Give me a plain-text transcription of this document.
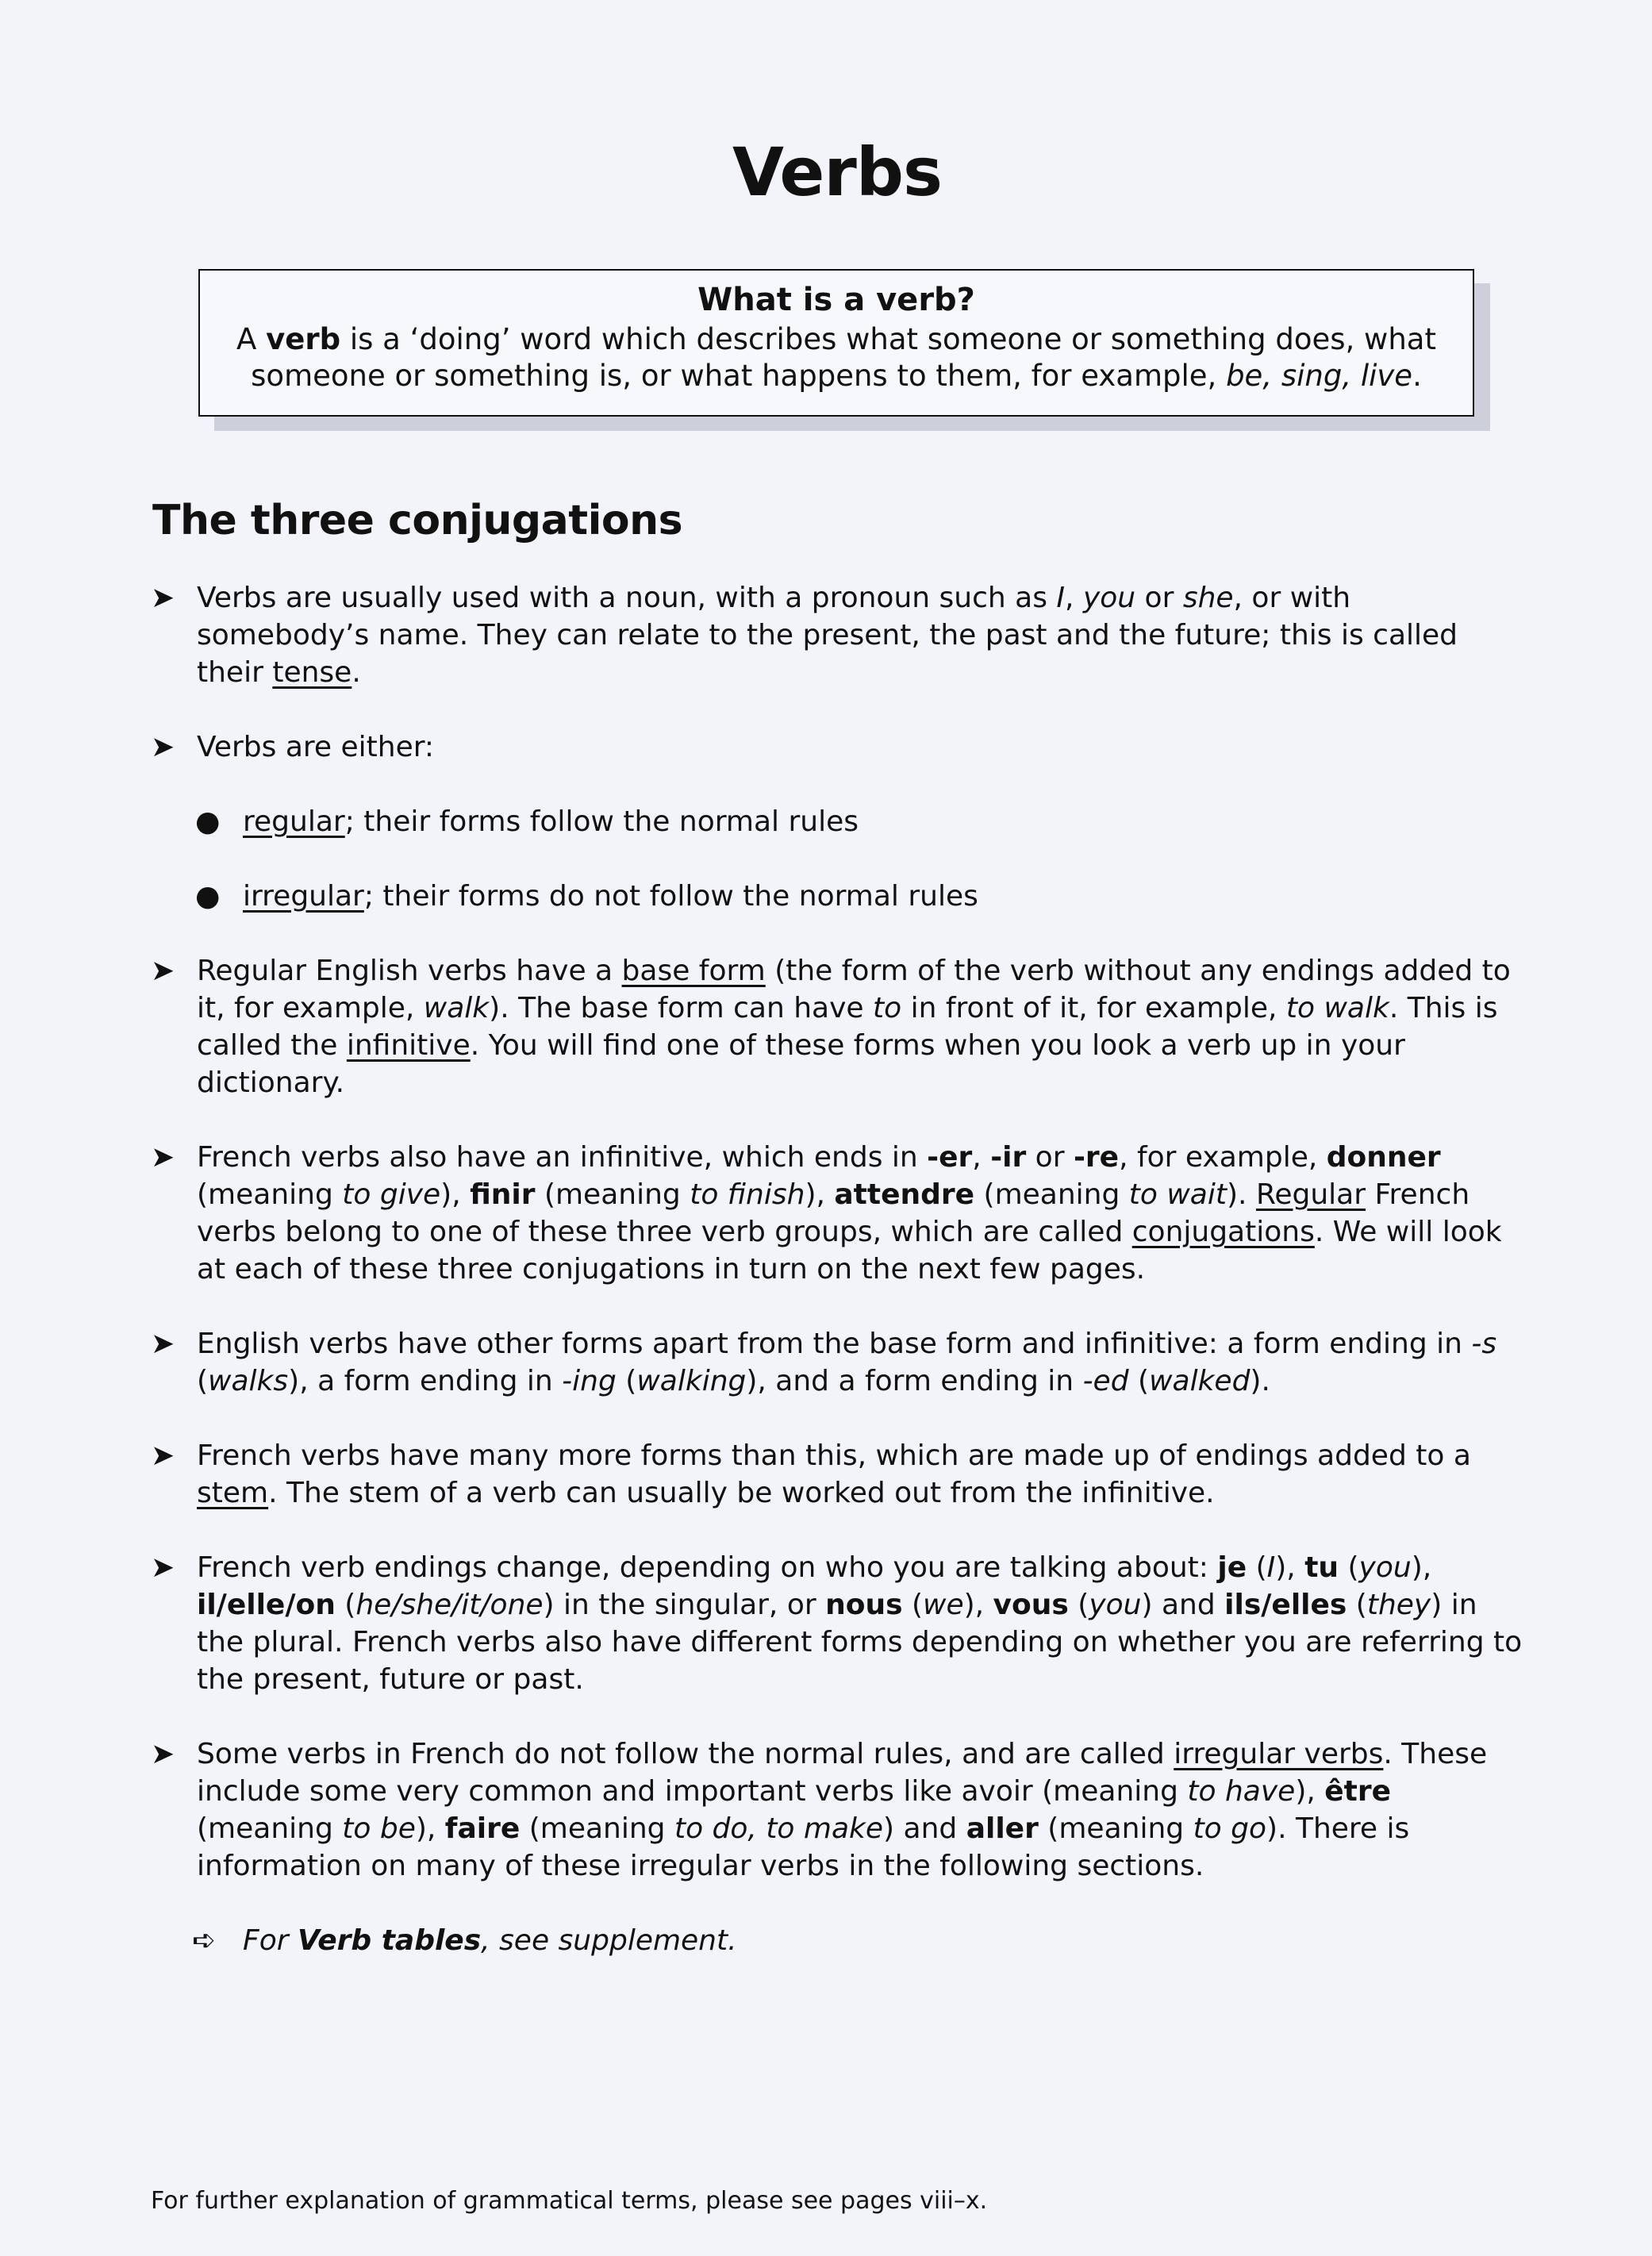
Verbs

What is a verb?

A verb is a ‘doing’ word which describes what someone or something does, what someone or something is, or what happens to them, for example, be, sing, live.

The three conjugations

➤ Verbs are usually used with a noun, with a pronoun such as I, you or she, or with somebody’s name. They can relate to the present, the past and the future; this is called their tense.

➤ Verbs are either:

● regular; their forms follow the normal rules

● irregular; their forms do not follow the normal rules

➤ Regular English verbs have a base form (the form of the verb without any endings added to it, for example, walk). The base form can have to in front of it, for example, to walk. This is called the infinitive. You will find one of these forms when you look a verb up in your dictionary.

➤ French verbs also have an infinitive, which ends in -er, -ir or -re, for example, donner (meaning to give), finir (meaning to finish), attendre (meaning to wait). Regular French verbs belong to one of these three verb groups, which are called conjugations. We will look at each of these three conjugations in turn on the next few pages.

➤ English verbs have other forms apart from the base form and infinitive: a form ending in -s (walks), a form ending in -ing (walking), and a form ending in -ed (walked).

➤ French verbs have many more forms than this, which are made up of endings added to a stem. The stem of a verb can usually be worked out from the infinitive.

➤ French verb endings change, depending on who you are talking about: je (I), tu (you), il/elle/on (he/she/it/one) in the singular, or nous (we), vous (you) and ils/elles (they) in the plural. French verbs also have different forms depending on whether you are referring to the present, future or past.

➤ Some verbs in French do not follow the normal rules, and are called irregular verbs. These include some very common and important verbs like avoir (meaning to have), être (meaning to be), faire (meaning to do, to make) and aller (meaning to go). There is information on many of these irregular verbs in the following sections.

➪ For Verb tables, see supplement.

For further explanation of grammatical terms, please see pages viii–x.
